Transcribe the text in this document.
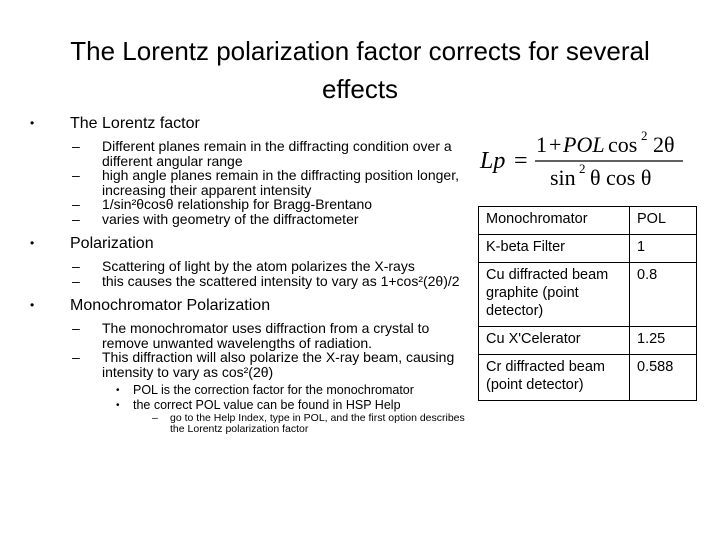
The Lorentz polarization factor corrects for several effects
• The Lorentz factor
– Different planes remain in the diffracting condition over a different angular range
– high angle planes remain in the diffracting position longer, increasing their apparent intensity
– 1/sin²θcosθ relationship for Bragg-Brentano
– varies with geometry of the diffractometer
• Polarization
– Scattering of light by the atom polarizes the X-rays
– this causes the scattered intensity to vary as 1+cos²(2θ)/2
• Monochromator Polarization
– The monochromator uses diffraction from a crystal to remove unwanted wavelengths of radiation.
– This diffraction will also polarize the X-ray beam, causing intensity to vary as cos²(2θ)
• POL is the correction factor for the monochromator
• the correct POL value can be found in HSP Help
– go to the Help Index, type in POL, and the first option describes the Lorentz polarization factor
Lp =
1 + POL cos 2 2θ
sin 2 θ cos θ
Monochromator	POL
K-beta Filter	1
Cu diffracted beam graphite (point detector)	0.8
Cu X'Celerator	1.25
Cr diffracted beam (point detector)	0.588
